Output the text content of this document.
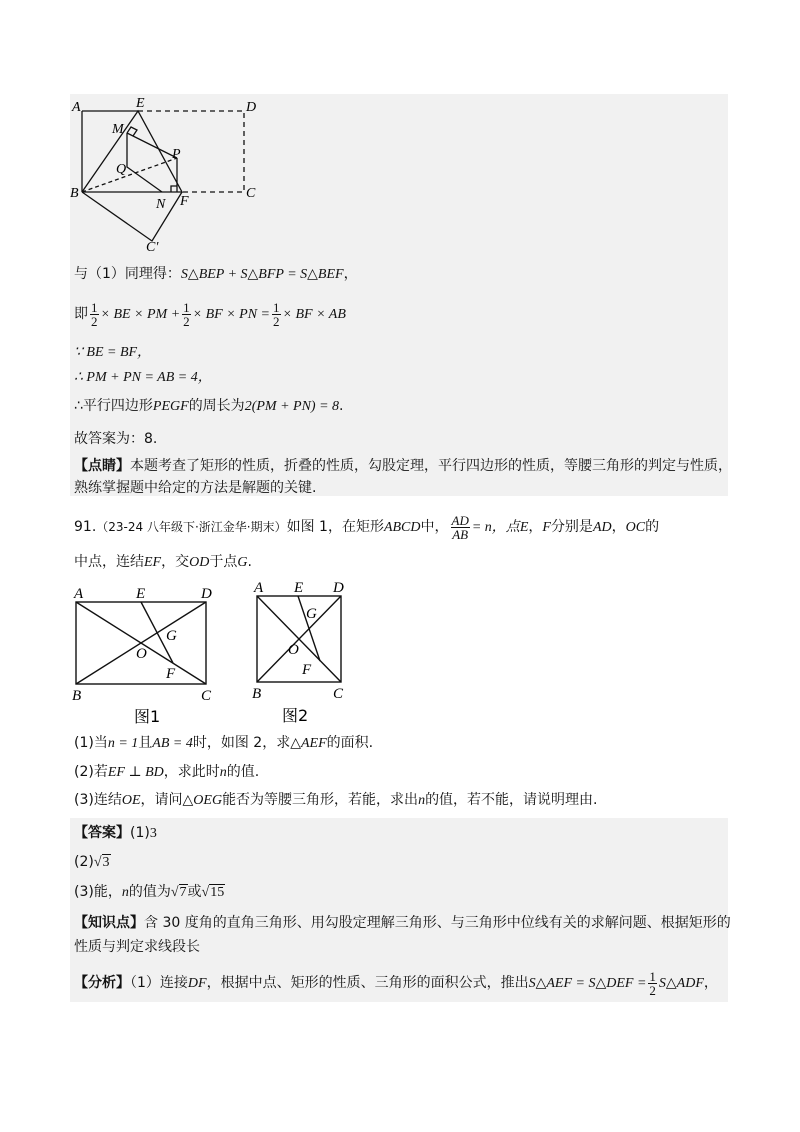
A	E	D
M
P
Q
B
N F
C
C′
与（1）同理得：S△BEP + S△BFP = S△BEF，
即 $\frac{1}{2}$ × BE × PM + $\frac{1}{2}$ × BF × PN = $\frac{1}{2}$ × BF × AB
∵ BE = BF，
∴ PM + PN = AB = 4，
∴平行四边形PEGF的周长为2(PM + PN) = 8.
故答案为：8.
【点睛】本题考查了矩形的性质，折叠的性质，勾股定理，平行四边形的性质，等腰三角形的判定与性质，
熟练掌握题中给定的方法是解题的关键.
91.（23-24 八年级下·浙江金华·期末）如图 1，在矩形ABCD中， $\frac{AD}{AB} = n$，点E，F分别是AD，OC的
中点，连结EF，交OD于点G.
A	E	D
G
O
F
B	C
图1
A E D
G
O
F
B	C
图2
(1)当n = 1且AB = 4时，如图 2，求△AEF的面积.
(2)若EF ⊥ BD，求此时n的值.
(3)连结OE，请问△OEG能否为等腰三角形，若能，求出n的值，若不能，请说明理由.
【答案】(1)3
(2)√3
(3)能，n的值为√7或√15
【知识点】含 30 度角的直角三角形、用勾股定理解三角形、与三角形中位线有关的求解问题、根据矩形的
性质与判定求线段长
【分析】（1）连接DF，根据中点、矩形的性质、三角形的面积公式，推出S△AEF = S△DEF = $\frac{1}{2}$ S△ADF，
